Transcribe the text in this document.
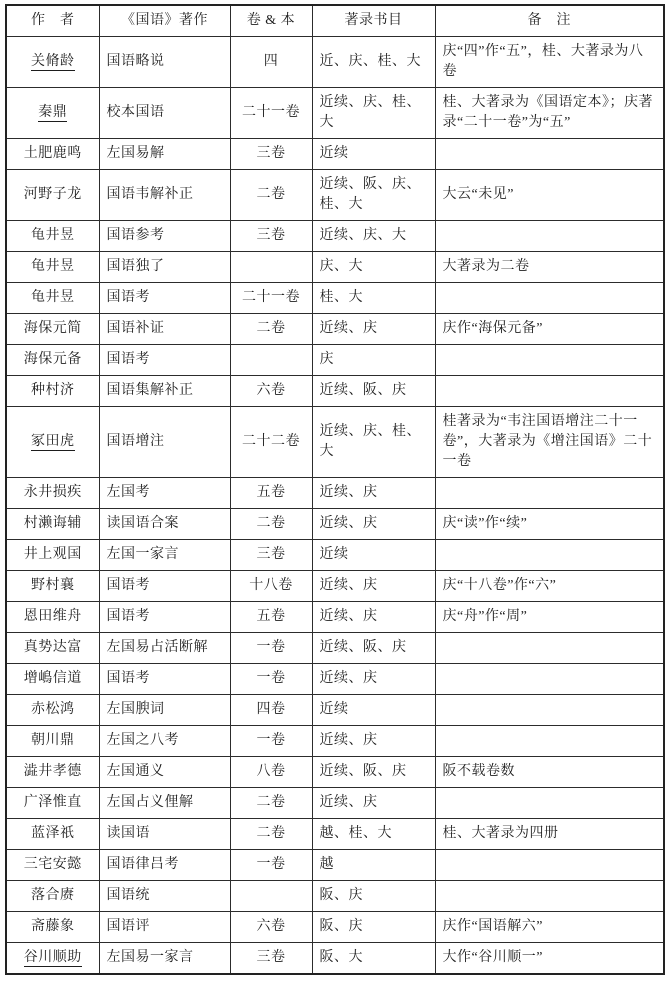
作　者	《国语》著作	卷 & 本	著录书目	备　注
关脩龄	国语略说	四	近、庆、桂、大	庆“四”作“五”，桂、大著录为八卷
秦鼎	校本国语	二十一卷	近续、庆、桂、大	桂、大著录为《国语定本》；庆著录“二十一卷”为“五”
土肥鹿鸣	左国易解	三卷	近续	
河野子龙	国语韦解补正	二卷	近续、阪、庆、桂、大	大云“未见”
龟井昱	国语参考	三卷	近续、庆、大	
龟井昱	国语独了		庆、大	大著录为二卷
龟井昱	国语考	二十一卷	桂、大	
海保元简	国语补证	二卷	近续、庆	庆作“海保元备”
海保元备	国语考		庆	
种村济	国语集解补正	六卷	近续、阪、庆	
冢田虎	国语增注	二十二卷	近续、庆、桂、大	桂著录为“韦注国语增注二十一卷”，大著录为《增注国语》二十一卷
永井损疾	左国考	五卷	近续、庆	
村濑诲辅	读国语合案	二卷	近续、庆	庆“读”作“续”
井上观国	左国一家言	三卷	近续	
野村襄	国语考	十八卷	近续、庆	庆“十八卷”作“六”
恩田维舟	国语考	五卷	近续、庆	庆“舟”作“周”
真势达富	左国易占活断解	一卷	近续、阪、庆	
增嶋信道	国语考	一卷	近续、庆	
赤松鸿	左国腴词	四卷	近续	
朝川鼎	左国之八考	一卷	近续、庆	
澁井孝德	左国通义	八卷	近续、阪、庆	阪不载卷数
广泽惟直	左国占义俚解	二卷	近续、庆	
蓝泽祇	读国语	二卷	越、桂、大	桂、大著录为四册
三宅安懿	国语律吕考	一卷	越	
落合赓	国语统		阪、庆	
斋藤象	国语评	六卷	阪、庆	庆作“国语解六”
谷川顺助	左国易一家言	三卷	阪、大	大作“谷川顺一”
